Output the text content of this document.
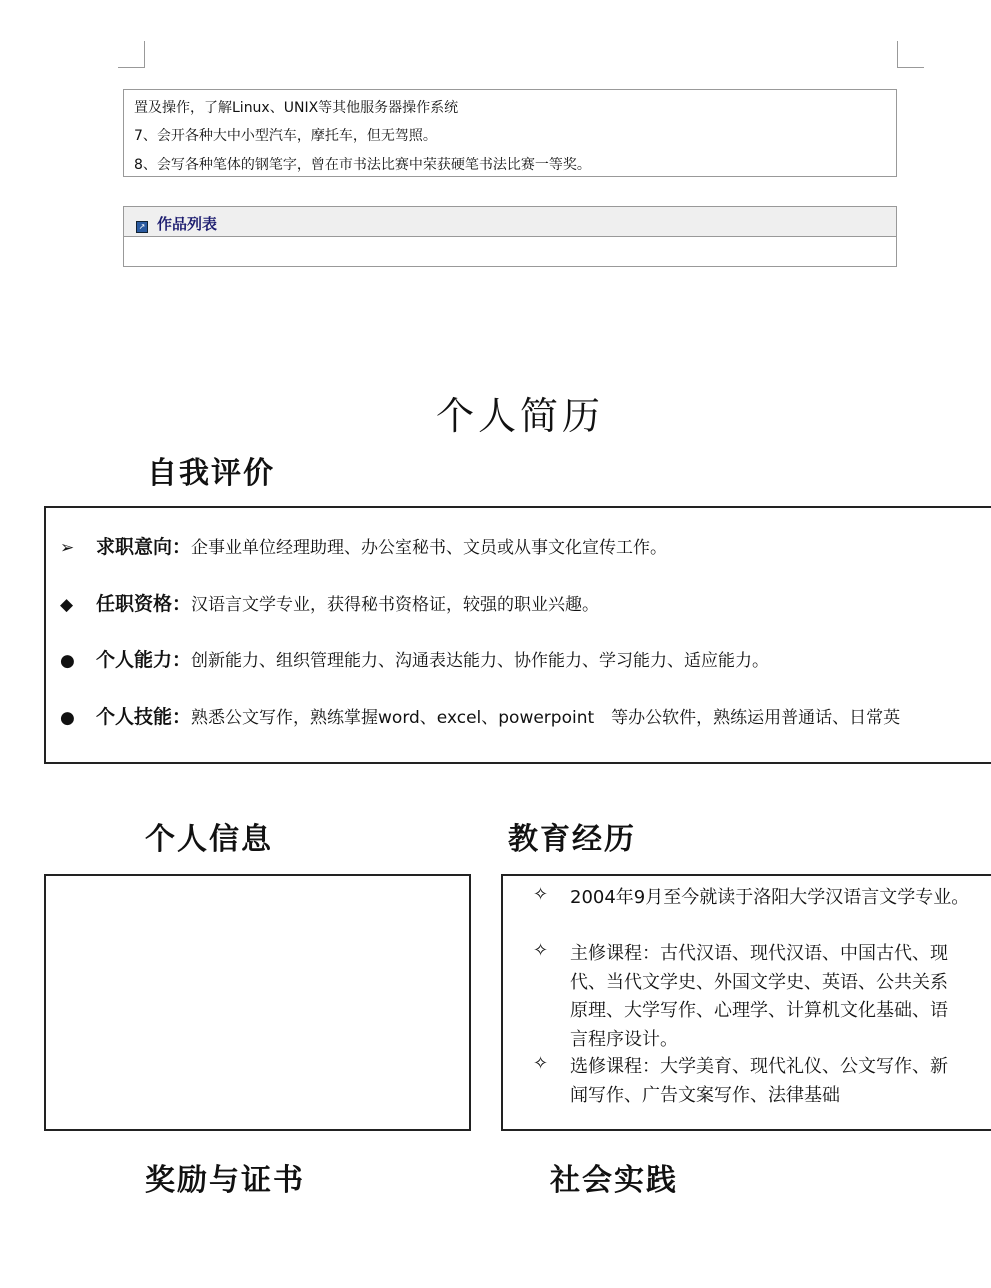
置及操作，了解Linux、UNIX等其他服务器操作系统
7、会开各种大中小型汽车，摩托车，但无驾照。
8、会写各种笔体的钢笔字，曾在市书法比赛中荣获硬笔书法比赛一等奖。
↗ 作品列表
个人简历
自我评价
➢ 求职意向：企事业单位经理助理、办公室秘书、文员或从事文化宣传工作。
◆ 任职资格：汉语言文学专业，获得秘书资格证，较强的职业兴趣。
● 个人能力：创新能力、组织管理能力、沟通表达能力、协作能力、学习能力、适应能力。
● 个人技能：熟悉公文写作，熟练掌握word、excel、powerpoint　等办公软件，熟练运用普通话、日常英
个人信息	教育经历
✧ 2004年9月至今就读于洛阳大学汉语言文学专业。
✧ 主修课程：古代汉语、现代汉语、中国古代、现
代、当代文学史、外国文学史、英语、公共关系
原理、大学写作、心理学、计算机文化基础、语
言程序设计。
✧ 选修课程：大学美育、现代礼仪、公文写作、新
闻写作、广告文案写作、法律基础
奖励与证书	社会实践
